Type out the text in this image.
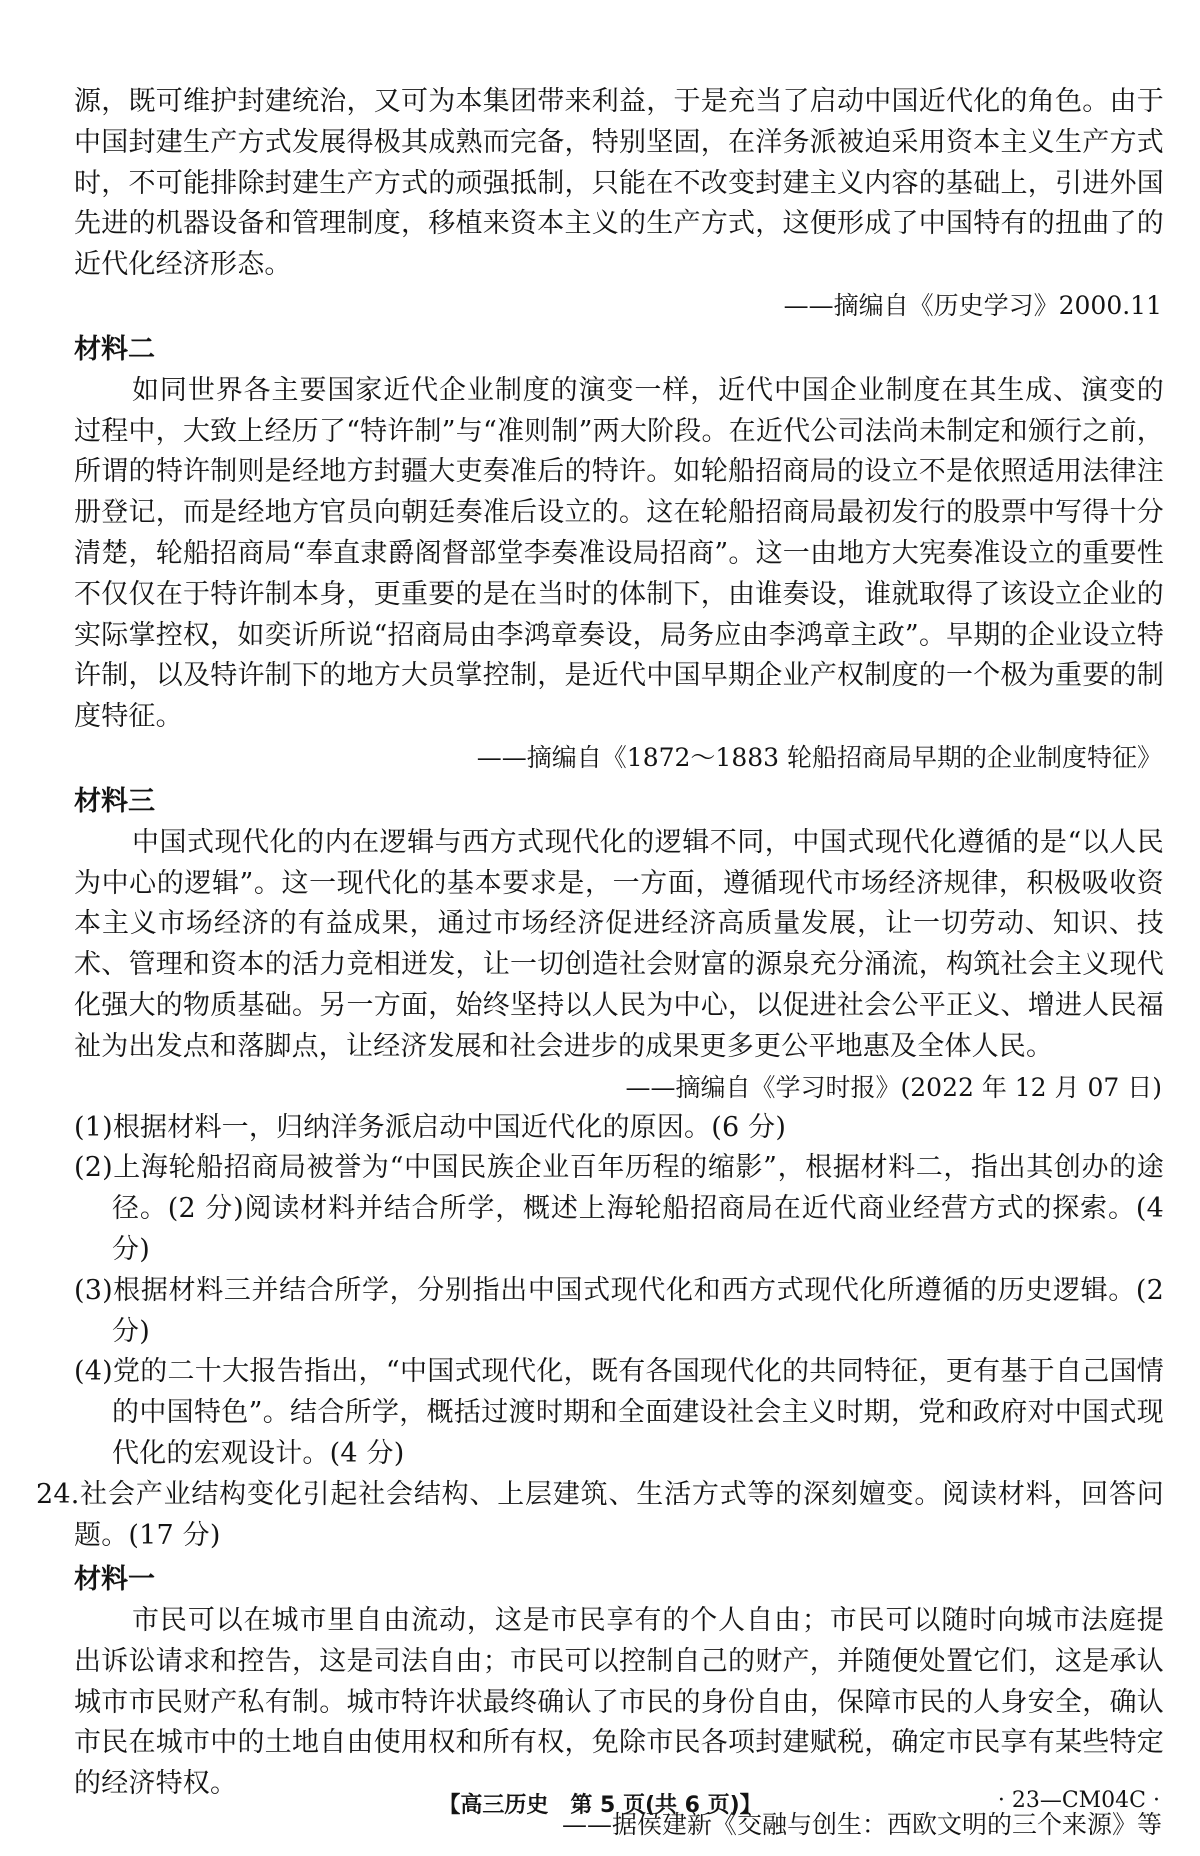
源，既可维护封建统治，又可为本集团带来利益，于是充当了启动中国近代化的角色。由于中国封建生产方式发展得极其成熟而完备，特别坚固，在洋务派被迫采用资本主义生产方式时，不可能排除封建生产方式的顽强抵制，只能在不改变封建主义内容的基础上，引进外国先进的机器设备和管理制度，移植来资本主义的生产方式，这便形成了中国特有的扭曲了的近代化经济形态。

——摘编自《历史学习》2000.11

材料二

如同世界各主要国家近代企业制度的演变一样，近代中国企业制度在其生成、演变的过程中，大致上经历了“特许制”与“准则制”两大阶段。在近代公司法尚未制定和颁行之前，所谓的特许制则是经地方封疆大吏奏准后的特许。如轮船招商局的设立不是依照适用法律注册登记，而是经地方官员向朝廷奏准后设立的。这在轮船招商局最初发行的股票中写得十分清楚，轮船招商局“奉直隶爵阁督部堂李奏准设局招商”。这一由地方大宪奏准设立的重要性不仅仅在于特许制本身，更重要的是在当时的体制下，由谁奏设，谁就取得了该设立企业的实际掌控权，如奕䜣所说“招商局由李鸿章奏设，局务应由李鸿章主政”。早期的企业设立特许制，以及特许制下的地方大员掌控制，是近代中国早期企业产权制度的一个极为重要的制度特征。

——摘编自《1872～1883 轮船招商局早期的企业制度特征》

材料三

中国式现代化的内在逻辑与西方式现代化的逻辑不同，中国式现代化遵循的是“以人民为中心的逻辑”。这一现代化的基本要求是，一方面，遵循现代市场经济规律，积极吸收资本主义市场经济的有益成果，通过市场经济促进经济高质量发展，让一切劳动、知识、技术、管理和资本的活力竞相迸发，让一切创造社会财富的源泉充分涌流，构筑社会主义现代化强大的物质基础。另一方面，始终坚持以人民为中心，以促进社会公平正义、增进人民福祉为出发点和落脚点，让经济发展和社会进步的成果更多更公平地惠及全体人民。

——摘编自《学习时报》(2022 年 12 月 07 日)

(1)根据材料一，归纳洋务派启动中国近代化的原因。(6 分)

(2)上海轮船招商局被誉为“中国民族企业百年历程的缩影”，根据材料二，指出其创办的途径。(2 分)阅读材料并结合所学，概述上海轮船招商局在近代商业经营方式的探索。(4 分)

(3)根据材料三并结合所学，分别指出中国式现代化和西方式现代化所遵循的历史逻辑。(2 分)

(4)党的二十大报告指出，“中国式现代化，既有各国现代化的共同特征，更有基于自己国情的中国特色”。结合所学，概括过渡时期和全面建设社会主义时期，党和政府对中国式现代化的宏观设计。(4 分)

24.社会产业结构变化引起社会结构、上层建筑、生活方式等的深刻嬗变。阅读材料，回答问题。(17 分)

材料一

市民可以在城市里自由流动，这是市民享有的个人自由；市民可以随时向城市法庭提出诉讼请求和控告，这是司法自由；市民可以控制自己的财产，并随便处置它们，这是承认城市市民财产私有制。城市特许状最终确认了市民的身份自由，保障市民的人身安全，确认市民在城市中的土地自由使用权和所有权，免除市民各项封建赋税，确定市民享有某些特定的经济特权。

——据侯建新《交融与创生：西欧文明的三个来源》等

【高三历史　第 5 页(共 6 页)】	· 23—CM04C ·
